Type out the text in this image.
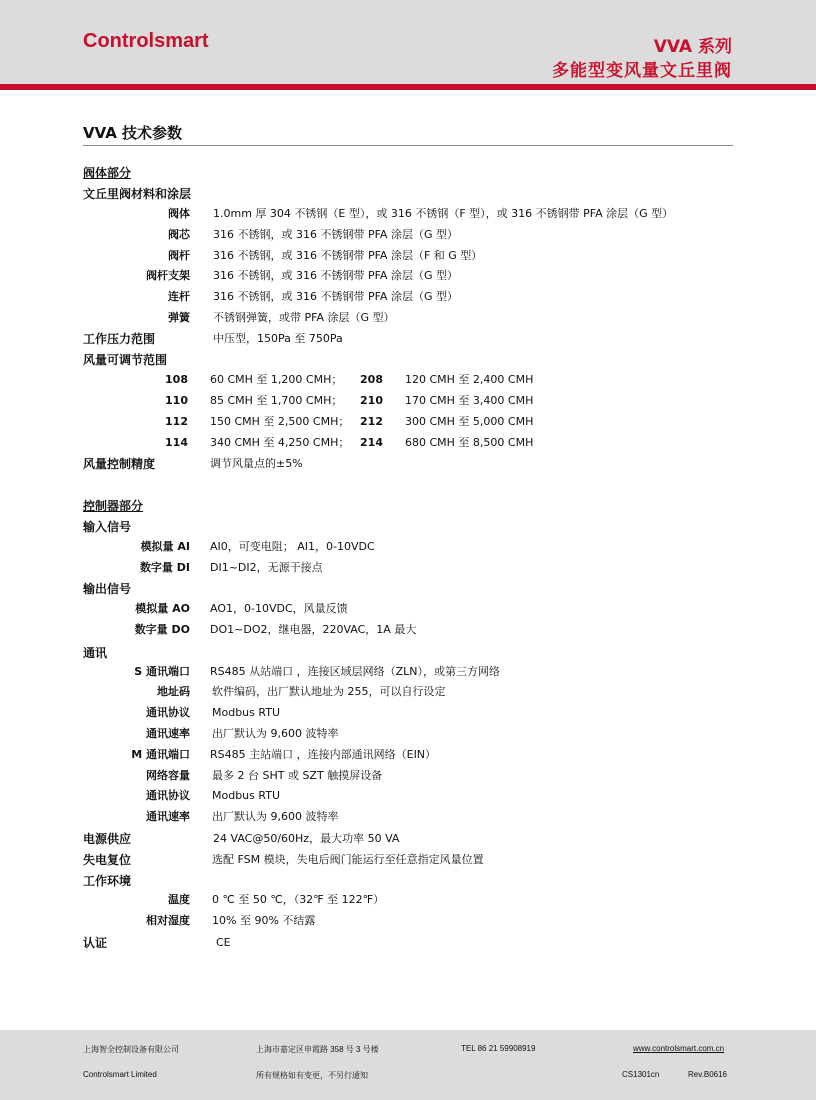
Controlsmart	VVA 系列
多能型变风量文丘里阀
VVA 技术参数
阀体部分
文丘里阀材料和涂层
阀体 1.0mm 厚 304 不锈钢（E 型），或 316 不锈钢（F 型），或 316 不锈钢带 PFA 涂层（G 型）
阀芯 316 不锈钢，或 316 不锈钢带 PFA 涂层（G 型）
阀杆 316 不锈钢，或 316 不锈钢带 PFA 涂层（F 和 G 型）
阀杆支架 316 不锈钢，或 316 不锈钢带 PFA 涂层（G 型）
连杆 316 不锈钢，或 316 不锈钢带 PFA 涂层（G 型）
弹簧 不锈钢弹簧，或带 PFA 涂层（G 型）
工作压力范围	中压型，150Pa 至 750Pa
风量可调节范围
108 60 CMH 至 1,200 CMH；	208 120 CMH 至 2,400 CMH
110 85 CMH 至 1,700 CMH；	210 170 CMH 至 3,400 CMH
112 150 CMH 至 2,500 CMH； 212 300 CMH 至 5,000 CMH
114 340 CMH 至 4,250 CMH； 214 680 CMH 至 8,500 CMH
风量控制精度	调节风量点的±5%
控制器部分
输入信号
模拟量 AI AI0，可变电阻； AI1，0-10VDC
数字量 DI DI1~DI2，无源干接点
输出信号
模拟量 AO AO1，0-10VDC，风量反馈
数字量 DO DO1~DO2，继电器，220VAC，1A 最大
通讯
S 通讯端口 RS485 从站端口 ，连接区域层网络（ZLN），或第三方网络
地址码 软件编码，出厂默认地址为 255，可以自行设定
通讯协议 Modbus RTU
通讯速率 出厂默认为 9,600 波特率
M 通讯端口 RS485 主站端口 ，连接内部通讯网络（EIN）
网络容量 最多 2 台 SHT 或 SZT 触摸屏设备
通讯协议 Modbus RTU
通讯速率 出厂默认为 9,600 波特率
电源供应	24 VAC@50/60Hz，最大功率 50 VA
失电复位	选配 FSM 模块，失电后阀门能运行至任意指定风量位置
工作环境
温度 0 ℃ 至 50 ℃，（32℉ 至 122℉）
相对湿度 10% 至 90% 不结露
认证	CE
上海智全控制设备有限公司	上海市嘉定区申霞路 358 号 3 号楼	TEL 86 21 59908919	www.controlsmart.com.cn
Controlsmart Limited	所有规格如有变更，不另行通知	CS1301cn	Rev.B0616
